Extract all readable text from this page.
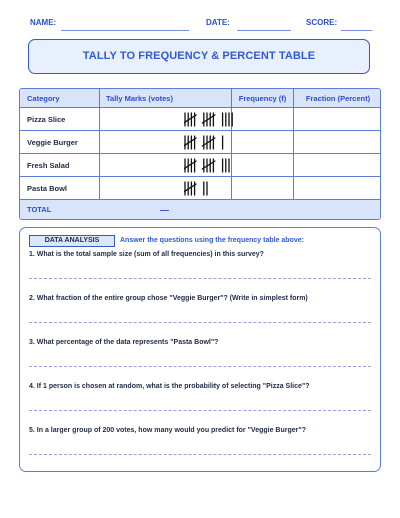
NAME:	DATE:	SCORE:
TALLY TO FREQUENCY & PERCENT TABLE
Category	Tally Marks (votes)	Frequency (f)	Fraction (Percent)
Pizza Slice
Veggie Burger
Fresh Salad
Pasta Bowl
TOTAL	—
DATA ANALYSIS	Answer the questions using the frequency table above:
1. What is the total sample size (sum of all frequencies) in this survey?
2. What fraction of the entire group chose "Veggie Burger"? (Write in simplest form)
3. What percentage of the data represents "Pasta Bowl"?
4. If 1 person is chosen at random, what is the probability of selecting "Pizza Slice"?
5. In a larger group of 200 votes, how many would you predict for "Veggie Burger"?
